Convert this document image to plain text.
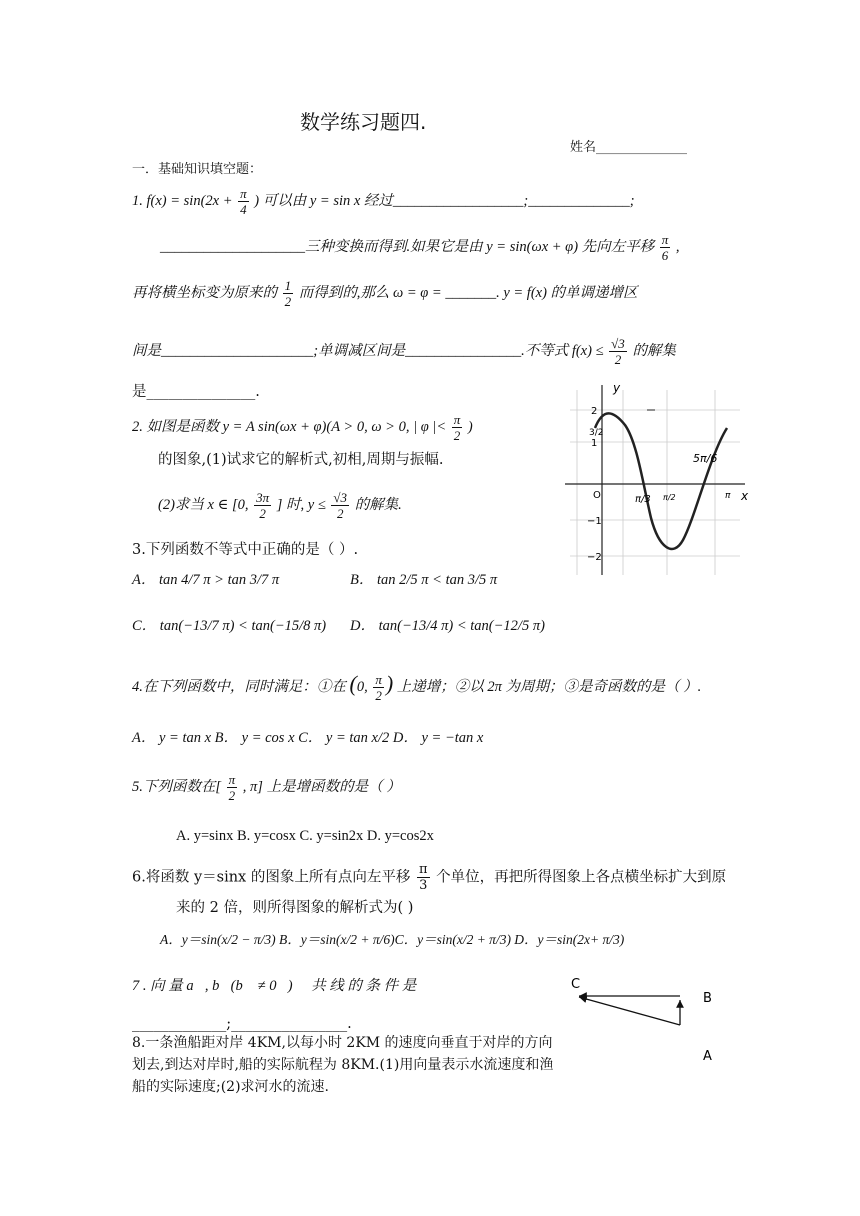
数学练习题四.
姓名______________
一．基础知识填空题：
1. $f(x) = \sin(2x + \frac{\pi}{4}$ ) 可以由 y = sin x 经过__________________;______________;
____________________三种变换而得到.如果它是由 y = sin(ωx + φ) 先向左平移 $\frac{\pi}{6}$ ,
再将横坐标变为原来的 $\frac{1}{2}$ 而得到的,那么 ω = φ = _______. y = f(x) 的单调递增区
间是_____________________;单调减区间是________________.不等式 $f(x) \le \frac{√3}{2}$ 的解集
是_______________.
2. 如图是函数 y = A sin(ωx + φ)(A > 0, ω > 0, | φ |< $\frac{\pi}{2}$ )
的图象,(1)试求它的解析式,初相,周期与振幅.
(2)求当 x ∈ [0, $\frac{3\pi}{2}$ ] 时, $y \le \frac{√3}{2}$ 的解集.
y
x
O
2
1
−1
−2
3/2
π/3 π/2	π
5π/6
3.下列函数不等式中正确的是（ ）.
A． tan 4/7 π > tan 3/7 π	B． tan 2/5 π < tan 3/5 π
C． tan(−13/7 π) < tan(−15/8 π) D． tan(−13/4 π) < tan(−12/5 π)
4.在下列函数中，同时满足：①在 (0, $\frac{\pi}{2}$ ) 上递增；②以 2π 为周期；③是奇函数的是（ ）.
A． y = tan x B． y = cos x C． y = tan x/2 D． y = −tan x
5.下列函数在[ $\frac{\pi}{2}$ , π] 上是增函数的是（ ）
A. y=sinx B. y=cosx C. y=sin2x D. y=cos2x
6.将函数 y＝sinx 的图象上所有点向左平移 $\frac{\pi}{3}$ 个单位，再把所得图象上各点横坐标扩大到原
来的 2 倍，则所得图象的解析式为( )
A．y＝sin(x/2 − π/3) B．y＝sin(x/2 + π/6)C．y＝sin(x/2 + π/3) D．y＝sin(2x+ π/3)
7 . 向 量 a⃗, b⃗(b⃗ ≠ 0⃗) ） 共 线 的 条 件 是
_____________;________________.
C
B
A
8.一条渔船距对岸 4KM,以每小时 2KM 的速度向垂直于对岸的方向划去,到达对岸时,船的实际航程为 8KM.(1)用向量表示水流速度和渔船的实际速度;(2)求河水的流速.
